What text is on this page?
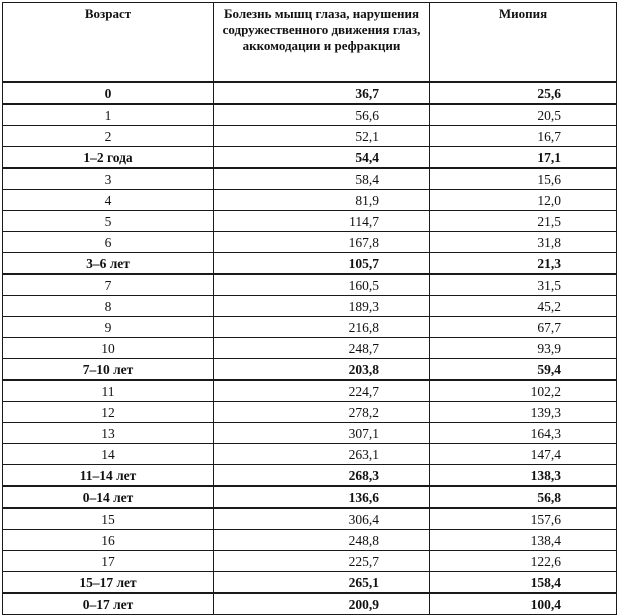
Возраст	Болезнь мышц глаза, нарушения содружественного движения глаз, аккомодации и рефракции	Миопия
0	36,7	25,6
1	56,6	20,5
2	52,1	16,7
1–2 года	54,4	17,1
3	58,4	15,6
4	81,9	12,0
5	114,7	21,5
6	167,8	31,8
3–6 лет	105,7	21,3
7	160,5	31,5
8	189,3	45,2
9	216,8	67,7
10	248,7	93,9
7–10 лет	203,8	59,4
11	224,7	102,2
12	278,2	139,3
13	307,1	164,3
14	263,1	147,4
11–14 лет	268,3	138,3
0–14 лет	136,6	56,8
15	306,4	157,6
16	248,8	138,4
17	225,7	122,6
15–17 лет	265,1	158,4
0–17 лет	200,9	100,4
